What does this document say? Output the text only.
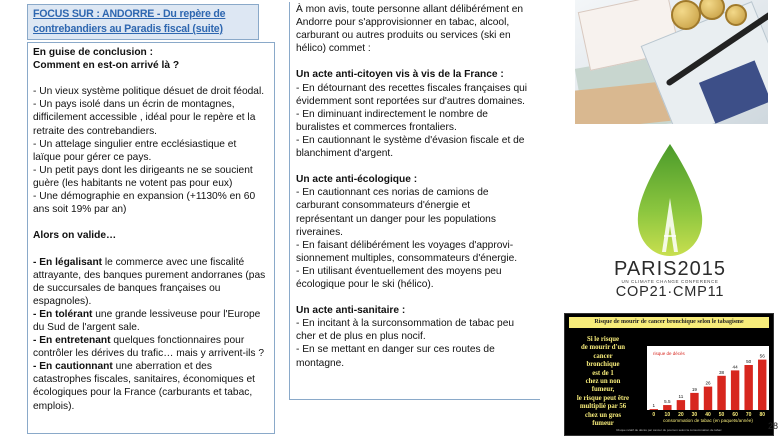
FOCUS SUR : ANDORRE - Du repère de contrebandiers au Paradis fiscal (suite)
En guise de conclusion :
Comment en est-on arrivé là ?
- Un vieux système politique désuet de droit féodal.
- Un pays isolé dans un écrin de montagnes,
difficilement accessible , idéal pour le repère et la
retraite des contrebandiers.
- Un attelage singulier entre ecclésiastique et
laïque pour gérer ce pays.
- Un petit pays dont les dirigeants ne se soucient
guère (les habitants ne votent pas pour eux)
- Une démographie en expansion (+1130% en 60
ans soit 19% par an)
Alors on valide…
- En légalisant le commerce avec une fiscalité
attrayante, des banques purement andorranes (pas
de succursales de banques françaises ou
espagnoles).
- En tolérant une grande lessiveuse pour l'Europe
du Sud de l'argent sale.
- En entretenant quelques fonctionnaires pour
contrôler les dérives du trafic… mais y arrivent-ils ?
- En cautionnant une aberration et des
catastrophes fiscales, sanitaires, économiques et
écologiques pour la France (carburants et tabac,
emplois).
À mon avis, toute personne allant délibérément en
Andorre pour s'approvisionner en tabac, alcool,
carburant ou autres produits ou services (ski en
hélico) commet :
Un acte anti-citoyen vis à vis de la France :
- En détournant des recettes fiscales françaises qui
évidemment sont reportées sur d'autres domaines.
- En diminuant indirectement le nombre de
buralistes et commerces frontaliers.
- En cautionnant le système d'évasion fiscale et de
blanchiment d'argent.
Un acte anti-écologique :
- En cautionnant ces norias de camions de
carburant consommateurs d'énergie et
représentant un danger pour les populations
riveraines.
- En faisant délibérément les voyages d'approvi-
sionnement multiples, consommateurs d'énergie.
- En utilisant éventuellement des moyens peu
écologique pour le ski (hélico).
Un acte anti-sanitaire :
- En incitant à la surconsommation de tabac peu
cher et de plus en plus nocif.
- En se mettant en danger sur ces routes de
montagne.
PARIS2015
UN CLIMATE CHANGE CONFERENCE
COP21·CMP11
Risque de mourir de cancer bronchique selon le tabagisme
Si le risque
de mourir d'un
cancer
bronchique
est de 1
chez un non
fumeur,
le risque peut être
multiplié par 56
chez un gros
fumeur
risque de décès
1
0
5.5
10
11
20
19
30
26
40
38
50
44
60
50
70
56
80
consommation de tabac (en paquets/année)
Risque relatif de décès par cancer du poumon selon la consommation de tabac	28
